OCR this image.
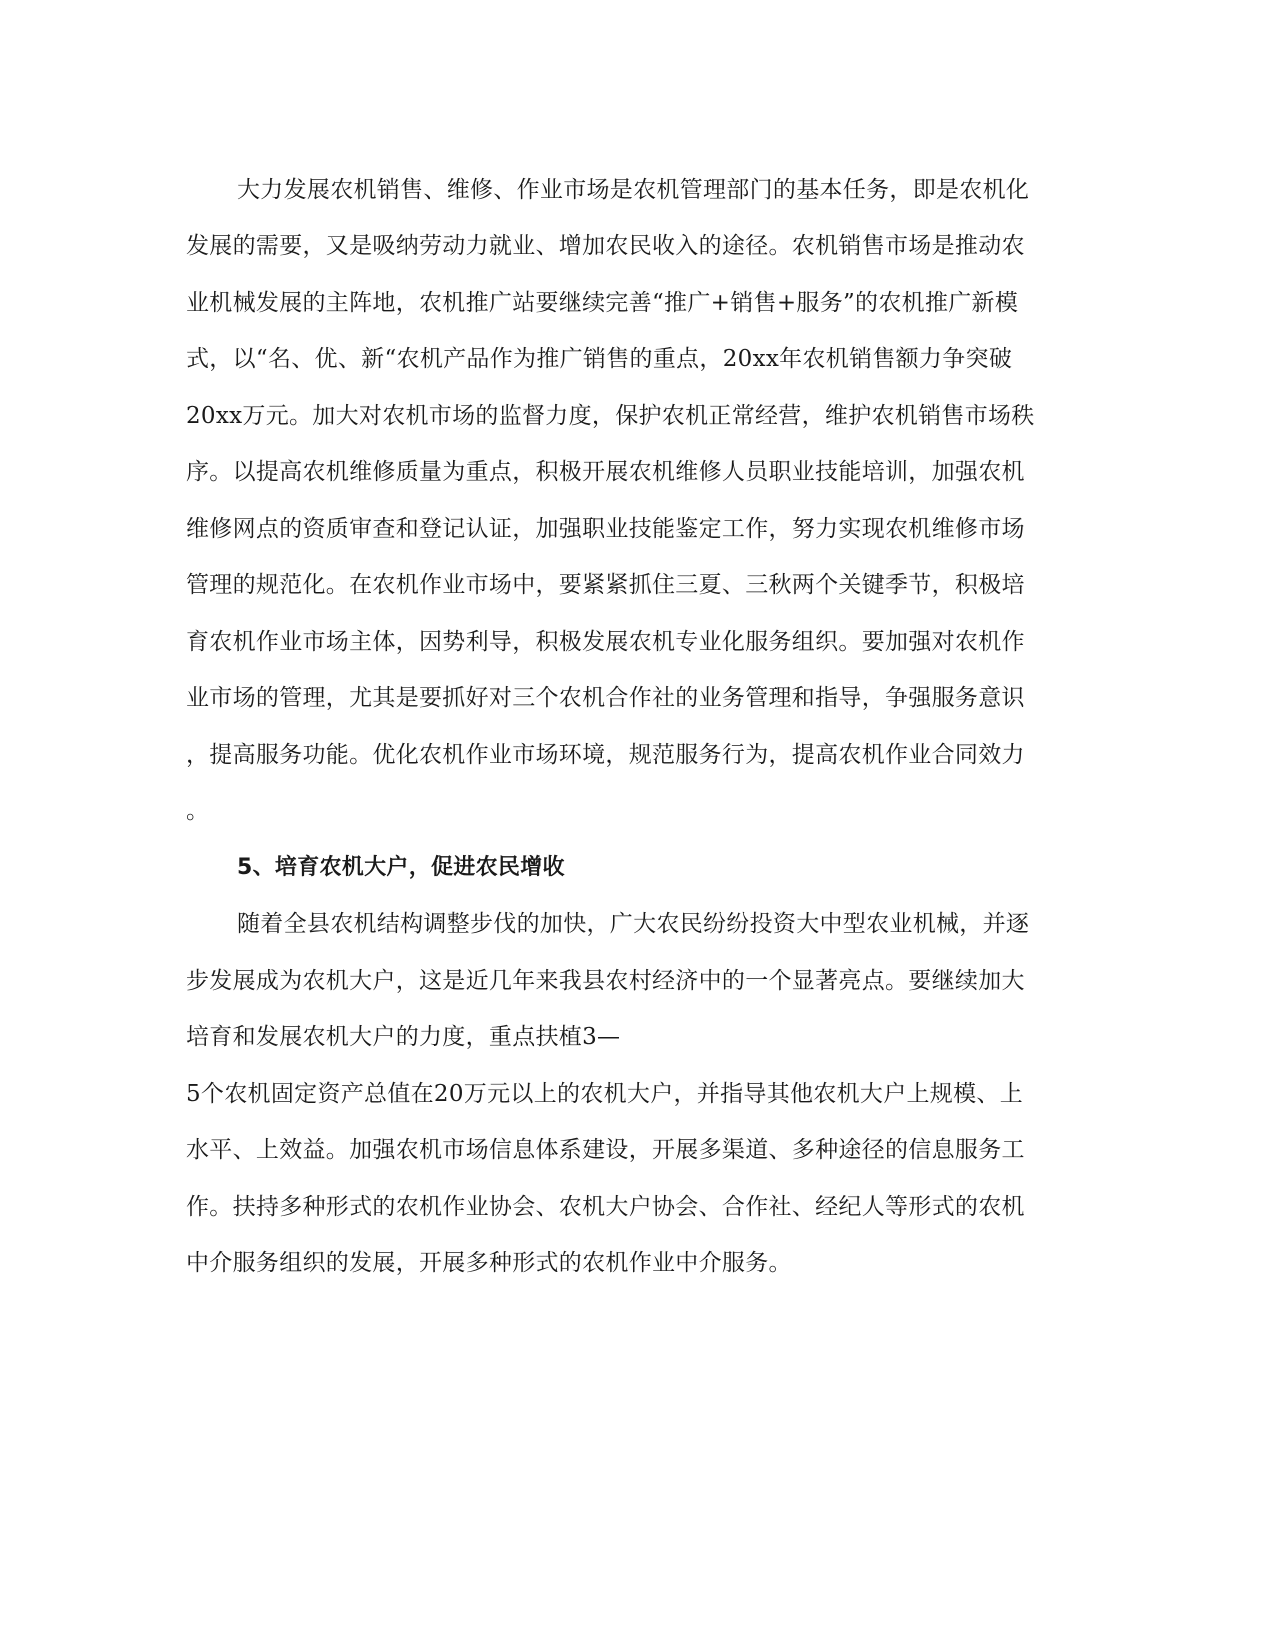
大力发展农机销售、维修、作业市场是农机管理部门的基本任务，即是农机化
发展的需要，又是吸纳劳动力就业、增加农民收入的途径。农机销售市场是推动农
业机械发展的主阵地，农机推广站要继续完善“推广+销售+服务”的农机推广新模
式，以“名、优、新“农机产品作为推广销售的重点，20xx年农机销售额力争突破
20xx万元。加大对农机市场的监督力度，保护农机正常经营，维护农机销售市场秩
序。以提高农机维修质量为重点，积极开展农机维修人员职业技能培训，加强农机
维修网点的资质审查和登记认证，加强职业技能鉴定工作，努力实现农机维修市场
管理的规范化。在农机作业市场中，要紧紧抓住三夏、三秋两个关键季节，积极培
育农机作业市场主体，因势利导，积极发展农机专业化服务组织。要加强对农机作
业市场的管理，尤其是要抓好对三个农机合作社的业务管理和指导，争强服务意识
，提高服务功能。优化农机作业市场环境，规范服务行为，提高农机作业合同效力
。
5、培育农机大户，促进农民增收
随着全县农机结构调整步伐的加快，广大农民纷纷投资大中型农业机械，并逐
步发展成为农机大户，这是近几年来我县农村经济中的一个显著亮点。要继续加大
培育和发展农机大户的力度，重点扶植3—
5个农机固定资产总值在20万元以上的农机大户，并指导其他农机大户上规模、上
水平、上效益。加强农机市场信息体系建设，开展多渠道、多种途径的信息服务工
作。扶持多种形式的农机作业协会、农机大户协会、合作社、经纪人等形式的农机
中介服务组织的发展，开展多种形式的农机作业中介服务。
